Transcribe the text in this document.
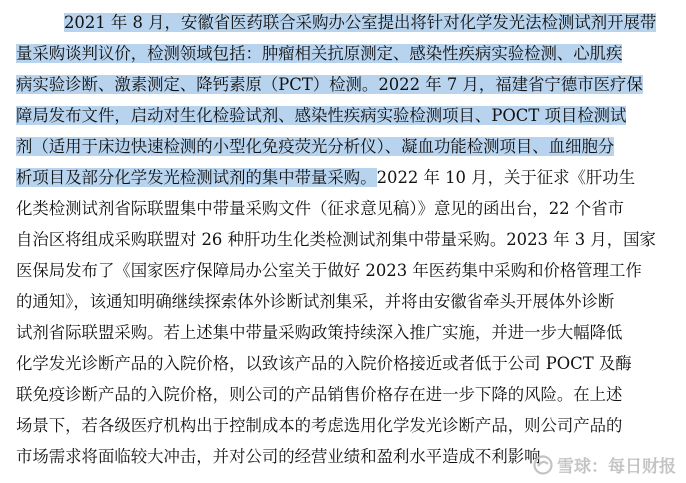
2021 年 8 月，安徽省医药联合采购办公室提出将针对化学发光法检测试剂开展带
量采购谈判议价，检测领域包括：肿瘤相关抗原测定、感染性疾病实验检测、心肌疾
病实验诊断、激素测定、降钙素原（PCT）检测。2022 年 7 月，福建省宁德市医疗保
障局发布文件，启动对生化检验试剂、感染性疾病实验检测项目、POCT 项目检测试
剂（适用于床边快速检测的小型化免疫荧光分析仪）、凝血功能检测项目、血细胞分
析项目及部分化学发光检测试剂的集中带量采购。2022 年 10 月，关于征求《肝功生
化类检测试剂省际联盟集中带量采购文件（征求意见稿）》意见的函出台，22 个省市
自治区将组成采购联盟对 26 种肝功生化类检测试剂集中带量采购。2023 年 3 月，国家
医保局发布了《国家医疗保障局办公室关于做好 2023 年医药集中采购和价格管理工作
的通知》，该通知明确继续探索体外诊断试剂集采，并将由安徽省牵头开展体外诊断
试剂省际联盟采购。若上述集中带量采购政策持续深入推广实施，并进一步大幅降低
化学发光诊断产品的入院价格，以致该产品的入院价格接近或者低于公司 POCT 及酶
联免疫诊断产品的入院价格，则公司的产品销售价格存在进一步下降的风险。在上述
场景下，若各级医疗机构出于控制成本的考虑选用化学发光诊断产品，则公司产品的
市场需求将面临较大冲击，并对公司的经营业绩和盈利水平造成不利影响
雪球：每日财报
